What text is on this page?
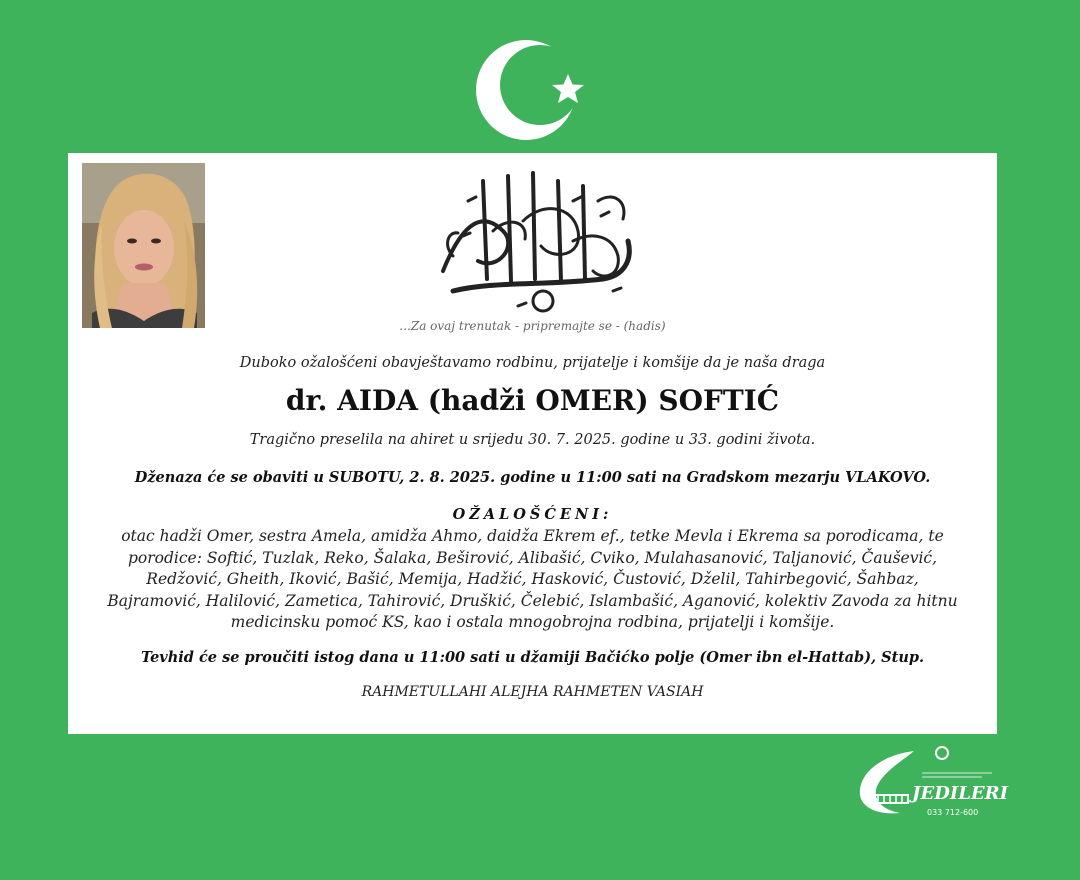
...Za ovaj trenutak - pripremajte se - (hadis)
Duboko ožalošćeni obavještavamo rodbinu, prijatelje i komšije da je naša draga
dr. AIDA (hadži OMER) SOFTIĆ
Tragično preselila na ahiret u srijedu 30. 7. 2025. godine u 33. godini života.
Dženaza će se obaviti u SUBOTU, 2. 8. 2025. godine u 11:00 sati na Gradskom mezarju VLAKOVO.
OŽALOŠĆENI:
otac hadži Omer, sestra Amela, amidža Ahmo, daidža Ekrem ef., tetke Mevla i Ekrema sa porodicama, te porodice: Softić, Tuzlak, Reko, Šalaka, Beširović, Alibašić, Cviko, Mulahasanović, Taljanović, Čaušević, Redžović, Gheith, Iković, Bašić, Memija, Hadžić, Hasković, Čustović, Dželil, Tahirbegović, Šahbaz, Bajramović, Halilović, Zametica, Tahirović, Druškić, Čelebić, Islambašić, Aganović, kolektiv Zavoda za hitnu medicinsku pomoć KS, kao i ostala mnogobrojna rodbina, prijatelji i komšije.
Tevhid će se proučiti istog dana u 11:00 sati u džamiji Bačićko polje (Omer ibn el-Hattab), Stup.
RAHMETULLAHI ALEJHA RAHMETEN VASIAH
JEDILERI
033 712-600
